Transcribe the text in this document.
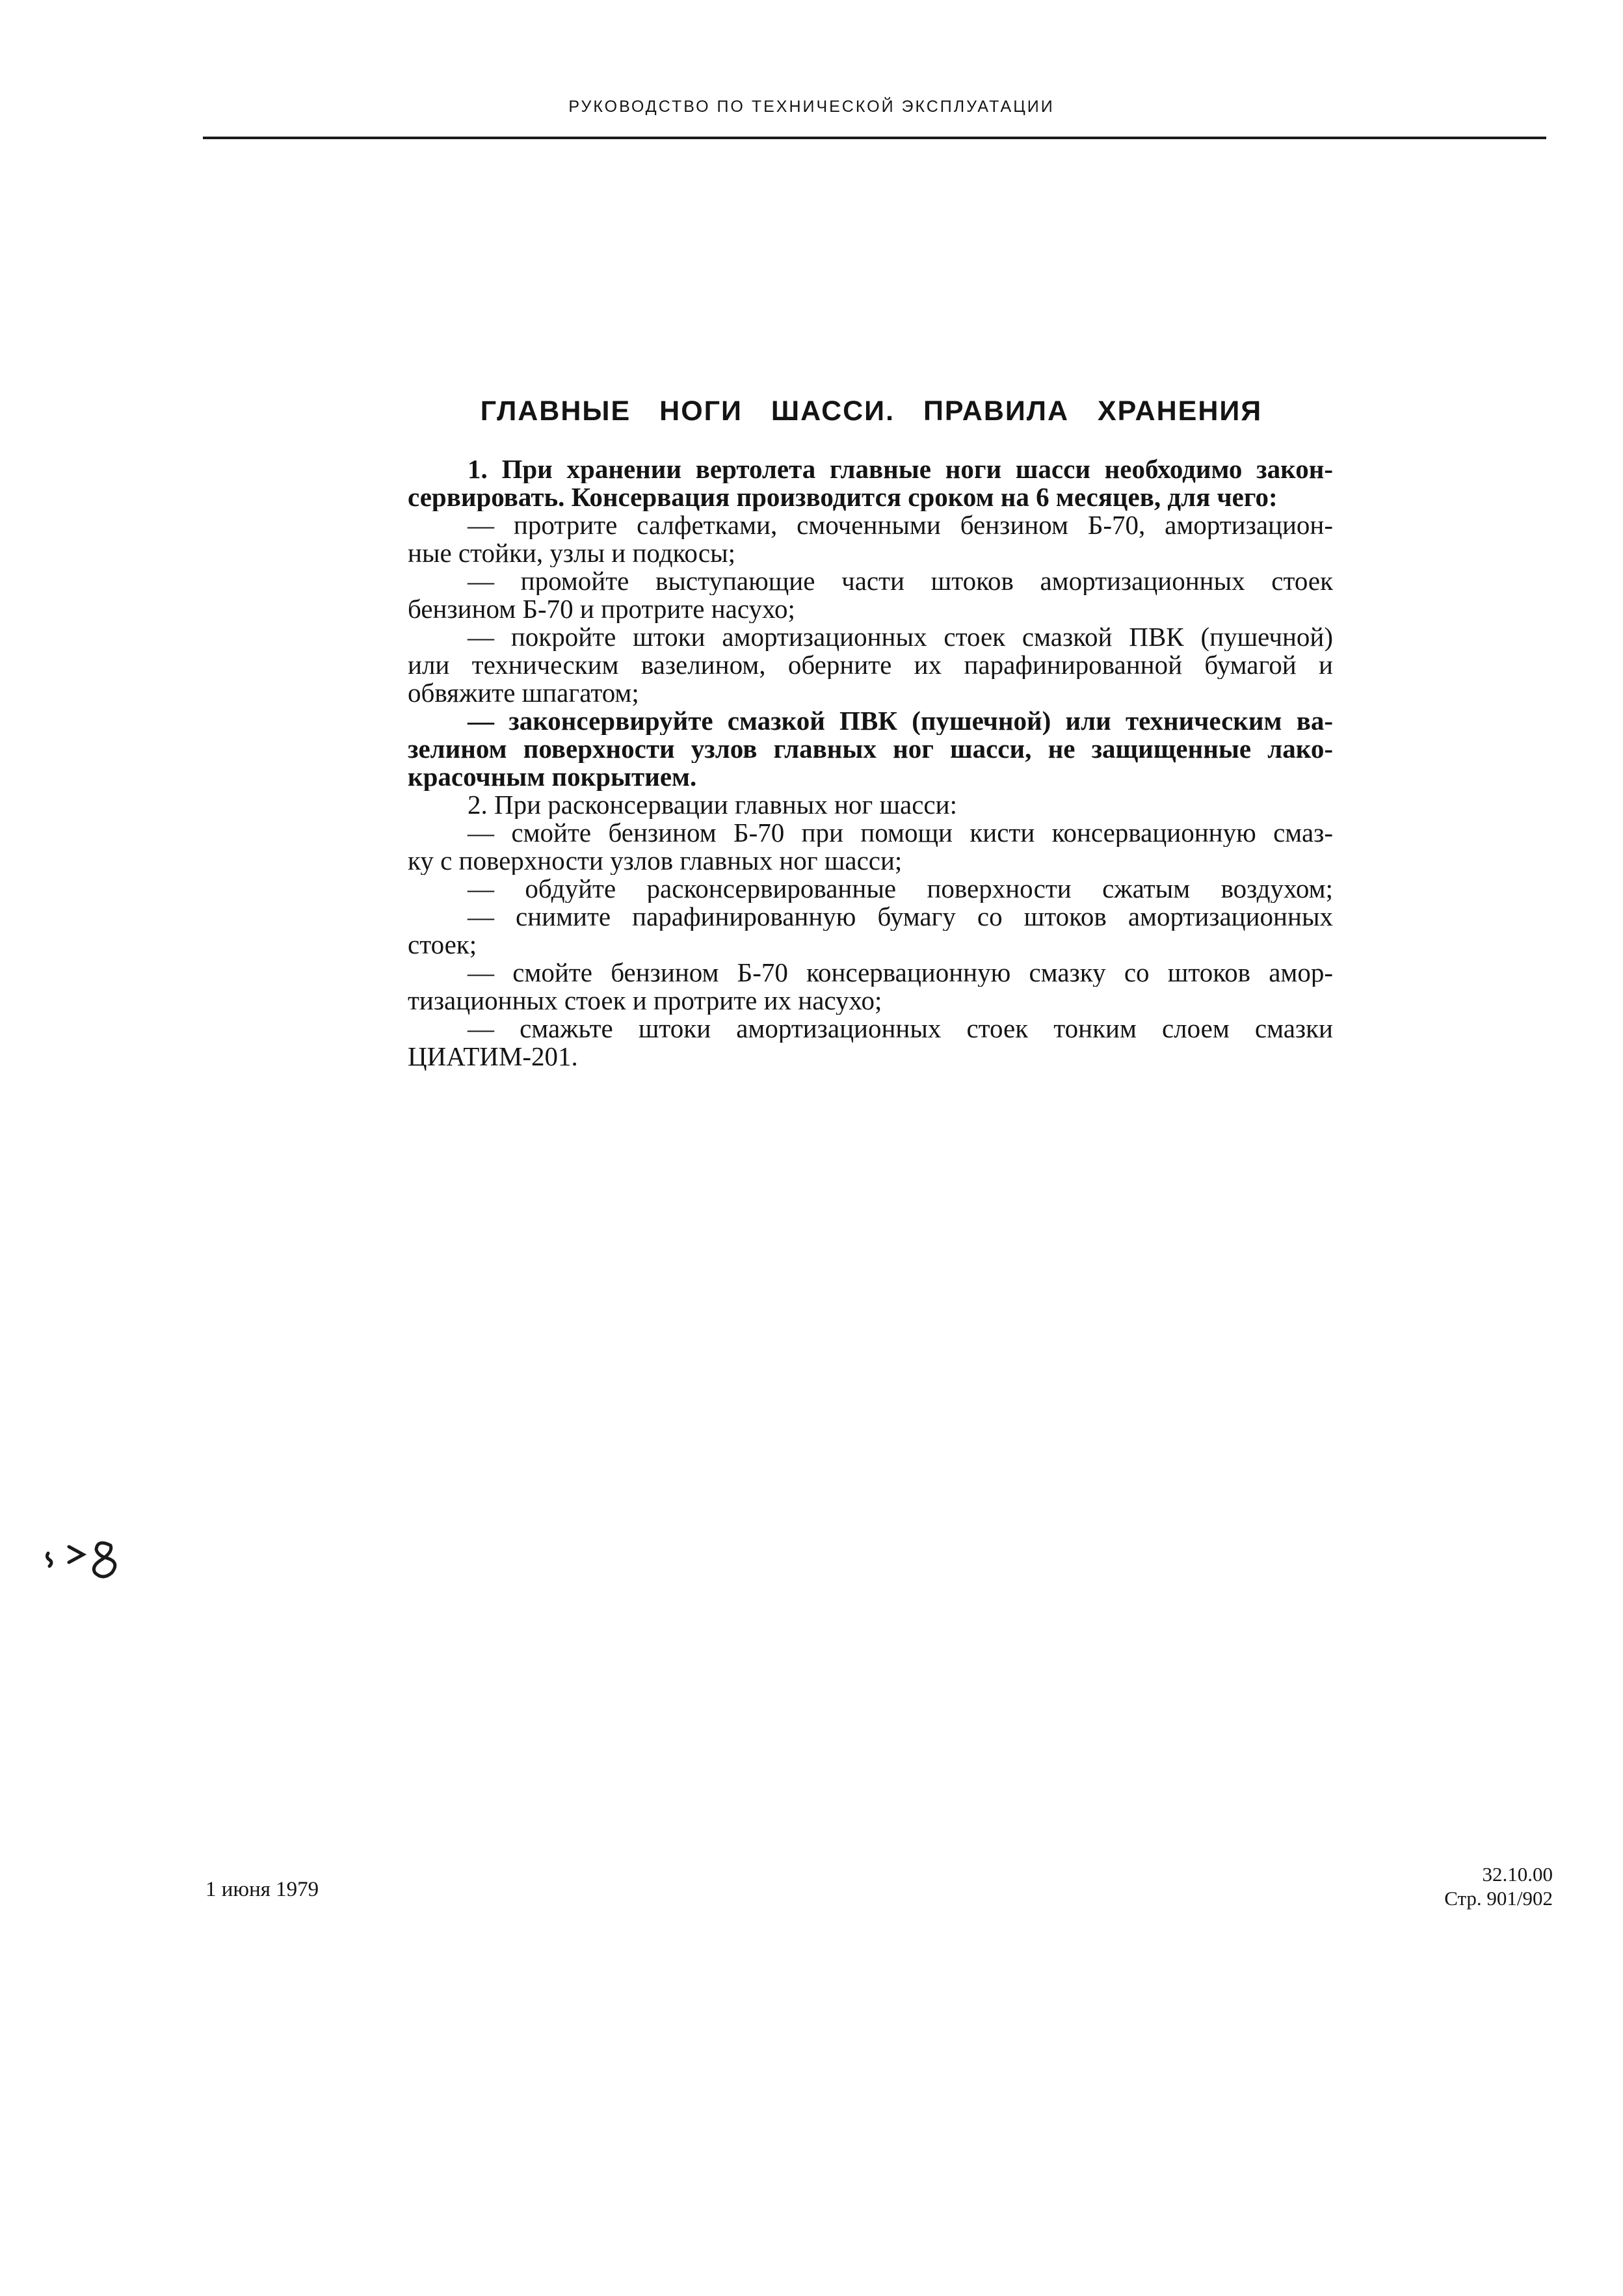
РУКОВОДСТВО ПО ТЕХНИЧЕСКОЙ ЭКСПЛУАТАЦИИ
ГЛАВНЫЕ НОГИ ШАССИ. ПРАВИЛА ХРАНЕНИЯ
1. При хранении вертолета главные ноги шасси необходимо закон-
сервировать. Консервация производится сроком на 6 месяцев, для чего:
— протрите салфетками, смоченными бензином Б-70, амортизацион-
ные стойки, узлы и подкосы;
— промойте выступающие части штоков амортизационных стоек
бензином Б-70 и протрите насухо;
— покройте штоки амортизационных стоек смазкой ПВК (пушечной)
или техническим вазелином, оберните их парафинированной бумагой и
обвяжите шпагатом;
— законсервируйте смазкой ПВК (пушечной) или техническим ва-
зелином поверхности узлов главных ног шасси, не защищенные лако-
красочным покрытием.
2. При расконсервации главных ног шасси:
— смойте бензином Б-70 при помощи кисти консервационную смаз-
ку с поверхности узлов главных ног шасси;
— обдуйте расконсервированные поверхности сжатым воздухом;
— снимите парафинированную бумагу со штоков амортизационных
стоек;
— смойте бензином Б-70 консервационную смазку со штоков амор-
тизационных стоек и протрите их насухо;
— смажьте штоки амортизационных стоек тонким слоем смазки
ЦИАТИМ-201.
1 июня 1979
32.10.00
Стр. 901/902
